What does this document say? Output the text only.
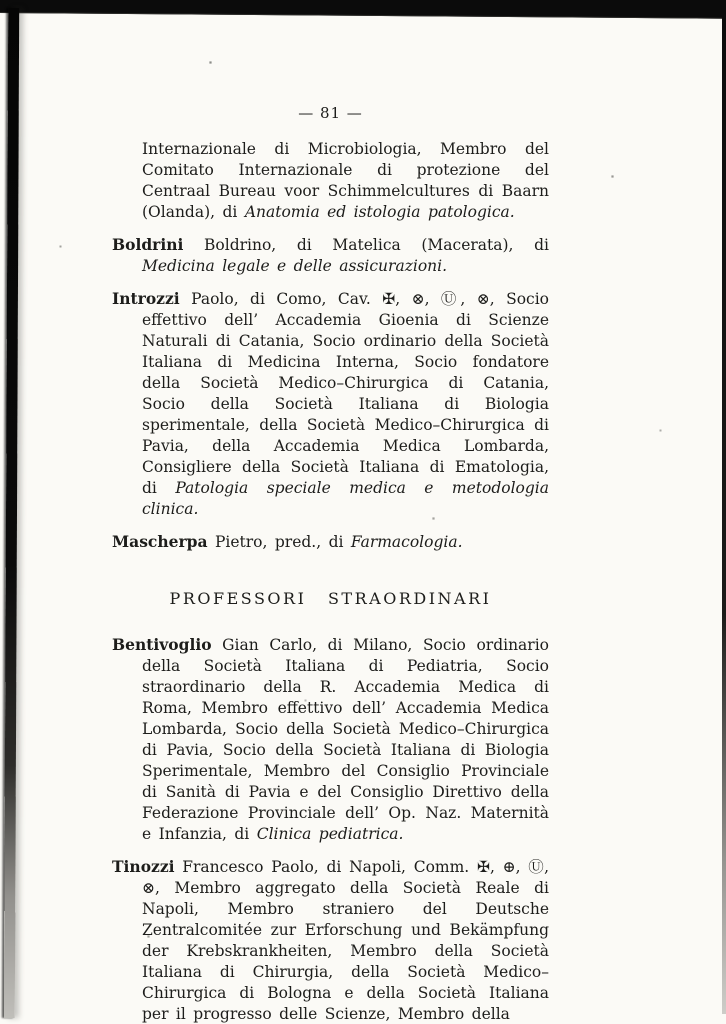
— 81 —
Internazionale di Microbiologia, Membro del Comitato Internazionale di protezione del Centraal Bureau voor Schimmelcultures di Baarn (Olanda), di Anatomia ed istologia patologica.
Boldrini Boldrino, di Matelica (Macerata), di Medicina legale e delle assicurazioni.
Introzzi Paolo, di Como, Cav. ✠, ⊗, Ⓤ, ⊗, Socio effettivo dell’ Accademia Gioenia di Scienze Naturali di Catania, Socio ordinario della Società Italiana di Medicina Interna, Socio fondatore della Società Medico–Chirurgica di Catania, Socio della Società Italiana di Biologia sperimentale, della Società Medico–Chirurgica di Pavia, della Accademia Medica Lombarda, Consigliere della Società Italiana di Ematologia, di Patologia speciale medica e metodologia clinica.
Mascherpa Pietro, pred., di Farmacologia.
PROFESSORI STRAORDINARI
Bentivoglio Gian Carlo, di Milano, Socio ordinario della Società Italiana di Pediatria, Socio straordinario della R. Accademia Medica di Roma, Membro effettivo dell’ Accademia Medica Lombarda, Socio della Società Medico–Chirurgica di Pavia, Socio della Società Italiana di Biologia Sperimentale, Membro del Consiglio Provinciale di Sanità di Pavia e del Consiglio Direttivo della Federazione Provinciale dell’ Op. Naz. Maternità e Infanzia, di Clinica pediatrica.
Tinozzi Francesco Paolo, di Napoli, Comm. ✠, ⊕, Ⓤ, ⊗, Membro aggregato della Società Reale di Napoli, Membro straniero del Deutsche Zentralcomitée zur Erforschung und Bekämpfung der Krebskrankheiten, Membro della Società Italiana di Chirurgia, della Società Medico–Chirurgica di Bologna e della Società Italiana per il progresso delle Scienze, Membro della
